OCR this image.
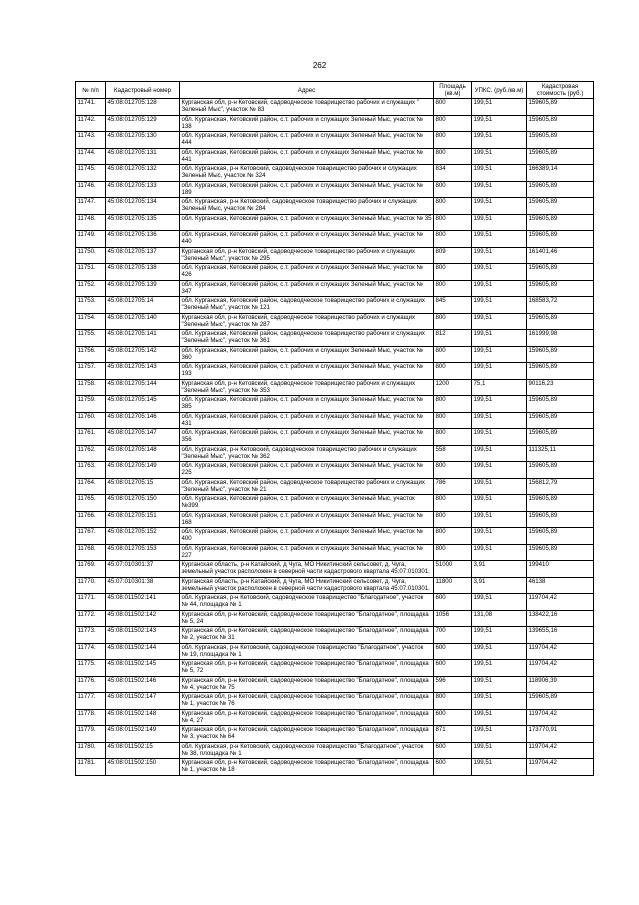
262
№ п/п	Кадастровый номер	Адрес	Площадь (кв.м)	УПКС. (руб./кв.м)	Кадастровая стоимость (руб.)
11741.	45:08:012705:128	Курганская обл, р-н Кетовский, садоводческое товарищество рабочих и служащих " Зеленый Мыс", участок № 83	800	199,51	159605,89
11742.	45:08:012705:129	обл. Курганская, Кетовский район, с.т. рабочих и служащих Зеленый Мыс, участок № 138	800	199,51	159605,89
11743.	45:08:012705:130	обл. Курганская, Кетовский район, с.т. рабочих и служащих Зеленый Мыс, участок № 444	800	199,51	159605,89
11744.	45:08:012705:131	обл. Курганская, Кетовский район, с.т. рабочих и служащих Зеленый Мыс, участок № 441	800	199,51	159605,89
11745.	45:08:012705:132	обл. Курганская, р-н Кетовский, садоводческое товарищество рабочих и служащих Зеленый Мыс, участок № 324	834	199,51	166389,14
11746.	45:08:012705:133	обл. Курганская, Кетовский район, с.т. рабочих и служащих Зеленый Мыс, участок № 189	800	199,51	159605,89
11747.	45:08:012705:134	обл. Курганская, р-н Кетовский, садоводческое товарищество рабочих и служащих Зеленый Мыс, участок № 284	800	199,51	159605,89
11748.	45:08:012705:135	обл. Курганская, Кетовский район, с.т. рабочих и служащих Зеленый Мыс, участок № 35	800	199,51	159605,89
11749.	45:08:012705:136	обл. Курганская, Кетовский район, с.т. рабочих и служащих Зеленый Мыс, участок № 440	800	199,51	159605,89
11750.	45:08:012705:137	Курганская обл, р-н Кетовский, садоводческое товарищество рабочих и служащих "Зеленый Мыс", участок № 295	809	199,51	161401,46
11751.	45:08:012705:138	обл. Курганская, Кетовский район, с.т. рабочих и служащих Зеленый Мыс, участок № 426	800	199,51	159605,89
11752.	45:08:012705:139	обл. Курганская, Кетовский район, с.т. рабочих и служащих Зеленый Мыс, участок № 347	800	199,51	159605,89
11753.	45:08:012705:14	обл. Курганская, Кетовский район, садоводческое товарищество рабочих и служащих "Зеленый Мыс", участок № 121	845	199,51	168583,72
11754.	45:08:012705:140	Курганская обл, р-н Кетовский, садоводческое товарищество рабочих и служащих "Зеленый Мыс", участок № 287	800	199,51	159605,89
11755.	45:08:012705:141	обл. Курганская, Кетовский район, садоводческое товарищество рабочих и служащих "Зеленый Мыс", участок № 361	812	199,51	161999,98
11756.	45:08:012705:142	обл. Курганская, Кетовский район, с.т. рабочих и служащих Зеленый Мыс, участок № 360	800	199,51	159605,89
11757.	45:08:012705:143	обл. Курганская, Кетовский район, с.т. рабочих и служащих Зеленый Мыс, участок № 193	800	199,51	159605,89
11758.	45:08:012705:144	Курганская обл, р-н Кетовский, садоводческое товарищество рабочих и служащих "Зеленый Мыс", участок № 353	1200	75,1	90116,23
11759.	45:08:012705:145	обл. Курганская, Кетовский район, с.т. рабочих и служащих Зеленый Мыс, участок № 385	800	199,51	159605,89
11760.	45:08:012705:146	обл. Курганская, Кетовский район, с.т. рабочих и служащих Зеленый Мыс, участок № 431	800	199,51	159605,89
11761.	45:08:012705:147	обл. Курганская, Кетовский район, с.т. рабочих и служащих Зеленый Мыс, участок № 356	800	199,51	159605,89
11762.	45:08:012705:148	обл. Курганская, р-н Кетовский, садоводческое товарищество рабочих и служащих "Зеленый Мыс", участок № 362	558	199,51	111325,11
11763.	45:08:012705:149	обл. Курганская, Кетовский район, с.т. рабочих и служащих Зеленый Мыс, участок № 225	800	199,51	159605,89
11764.	45:08:012705:15	обл. Курганская, Кетовский район, садоводческое товарищество рабочих и служащих "Зеленый Мыс", участок № 21	786	199,51	156812,79
11765.	45:08:012705:150	обл. Курганская, Кетовский район, с.т. рабочих и служащих Зеленый Мыс, участок №399	800	199,51	159605,89
11766.	45:08:012705:151	обл. Курганская, Кетовский район, с.т. рабочих и служащих Зеленый Мыс, участок № 168	800	199,51	159605,89
11767.	45:08:012705:152	обл. Курганская, Кетовский район, с.т. рабочих и служащих Зеленый Мыс, участок № 400	800	199,51	159605,89
11768.	45:08:012705:153	обл. Курганская, Кетовский район, с.т. рабочих и служащих Зеленый Мыс, участок № 227	800	199,51	159605,89
11769.	45:07:010301:37	Курганская область, р-н Катайский, д Чуга, МО Никитинский сельсовет, д. Чуга, земельный участок расположен в северной части кадастрового квартала 45:07:010301.	51000	3,91	199410
11770.	45:07:010301:38	Курганская область, р-н Катайский, д Чуга, МО Никитинский сельсовет, д. Чуга, земельный участок расположен в северной части кадастрового квартала 45:07:010301.	11800	3,91	46138
11771.	45:08:011502:141	обл. Курганская, р-н Кетовский, садоводческое товарищество "Благодатное", участок № 44, площадка № 1	600	199,51	119704,42
11772.	45:08:011502:142	Курганская обл, р-н Кетовский, садоводческое товарищество "Благодатное", площадка № 5, 24	1056	131,08	138422,16
11773.	45:08:011502:143	Курганская обл, р-н Кетовский, садоводческое товарищество "Благодатное", площадка № 2, участок № 31	700	199,51	139655,16
11774.	45:08:011502:144	обл. Курганская, р-н Кетовский, садоводческое товарищество "Благодатное", участок № 19, площадка № 1	600	199,51	119704,42
11775.	45:08:011502:145	Курганская обл, р-н Кетовский, садоводческое товарищество "Благодатное", площадка № 5, 72	600	199,51	119704,42
11776.	45:08:011502:146	Курганская обл, р-н Кетовский, садоводческое товарищество "Благодатное", площадка № 4, участок № 75	596	199,51	118906,39
11777.	45:08:011502:147	Курганская обл, р-н Кетовский, садоводческое товарищество "Благодатное", площадка № 1, участок № 76	800	199,51	159605,89
11778.	45:08:011502:148	Курганская обл, р-н Кетовский, садоводческое товарищество "Благодатное", площадка № 4, 27	600	199,51	119704,42
11779.	45:08:011502:149	Курганская обл, р-н Кетовский, садоводческое товарищество "Благодатное", площадка № 3, участок № 64	871	199,51	173770,91
11780.	45:08:011502:15	обл. Курганская, р-н Кетовский, садоводческое товарищество "Благодатное", участок № 38, площадка № 1	600	199,51	119704,42
11781.	45:08:011502:150	Курганская обл, р-н Кетовский, садоводческое товарищество "Благодатное", площадка № 1, участок № 18	600	199,51	119704,42
